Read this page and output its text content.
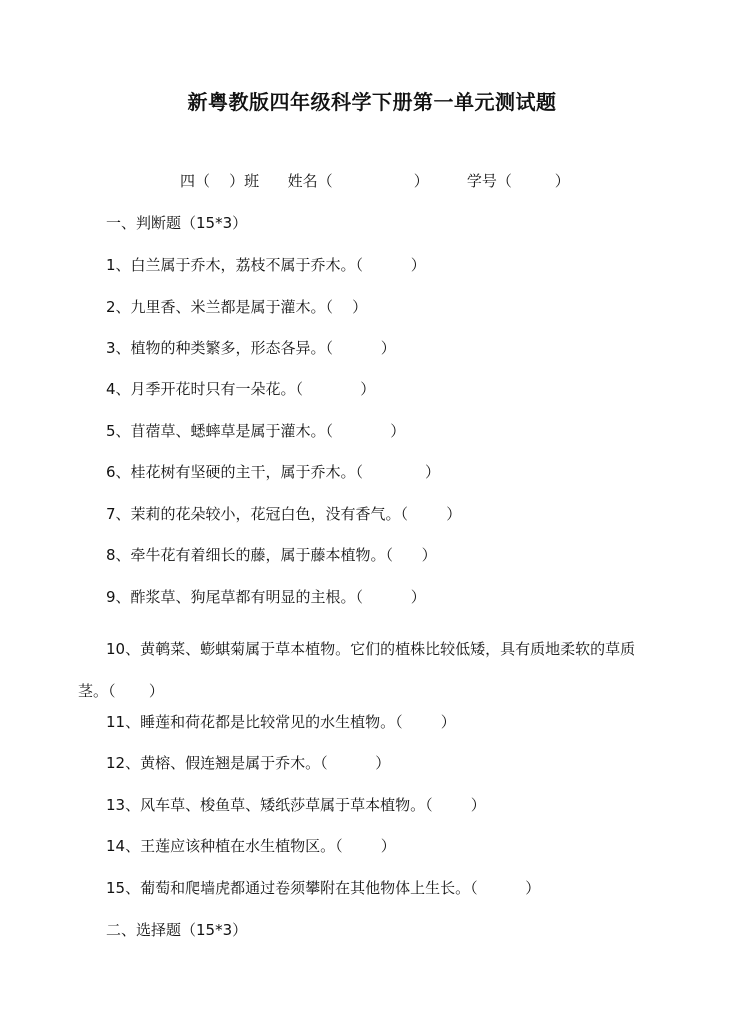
新粤教版四年级科学下册第一单元测试题
四（    ）班      姓名（                 ）        学号（         ）
一、判断题（15*3）
1、白兰属于乔木，荔枝不属于乔木。（          ）
2、九里香、米兰都是属于灌木。（    ）
3、植物的种类繁多，形态各异。（          ）
4、月季开花时只有一朵花。（            ）
5、苜蓿草、蟋蟀草是属于灌木。（            ）
6、桂花树有坚硬的主干，属于乔木。（             ）
7、茉莉的花朵较小，花冠白色，没有香气。（        ）
8、牵牛花有着细长的藤，属于藤本植物。（      ）
9、酢浆草、狗尾草都有明显的主根。（          ）
10、黄鹌菜、蟛蜞菊属于草本植物。它们的植株比较低矮，具有质地柔软的草质
茎。（       ）
11、睡莲和荷花都是比较常见的水生植物。（        ）
12、黄榕、假连翘是属于乔木。（          ）
13、风车草、梭鱼草、矮纸莎草属于草本植物。（        ）
14、王莲应该种植在水生植物区。（        ）
15、葡萄和爬墙虎都通过卷须攀附在其他物体上生长。（          ）
二、选择题（15*3）
